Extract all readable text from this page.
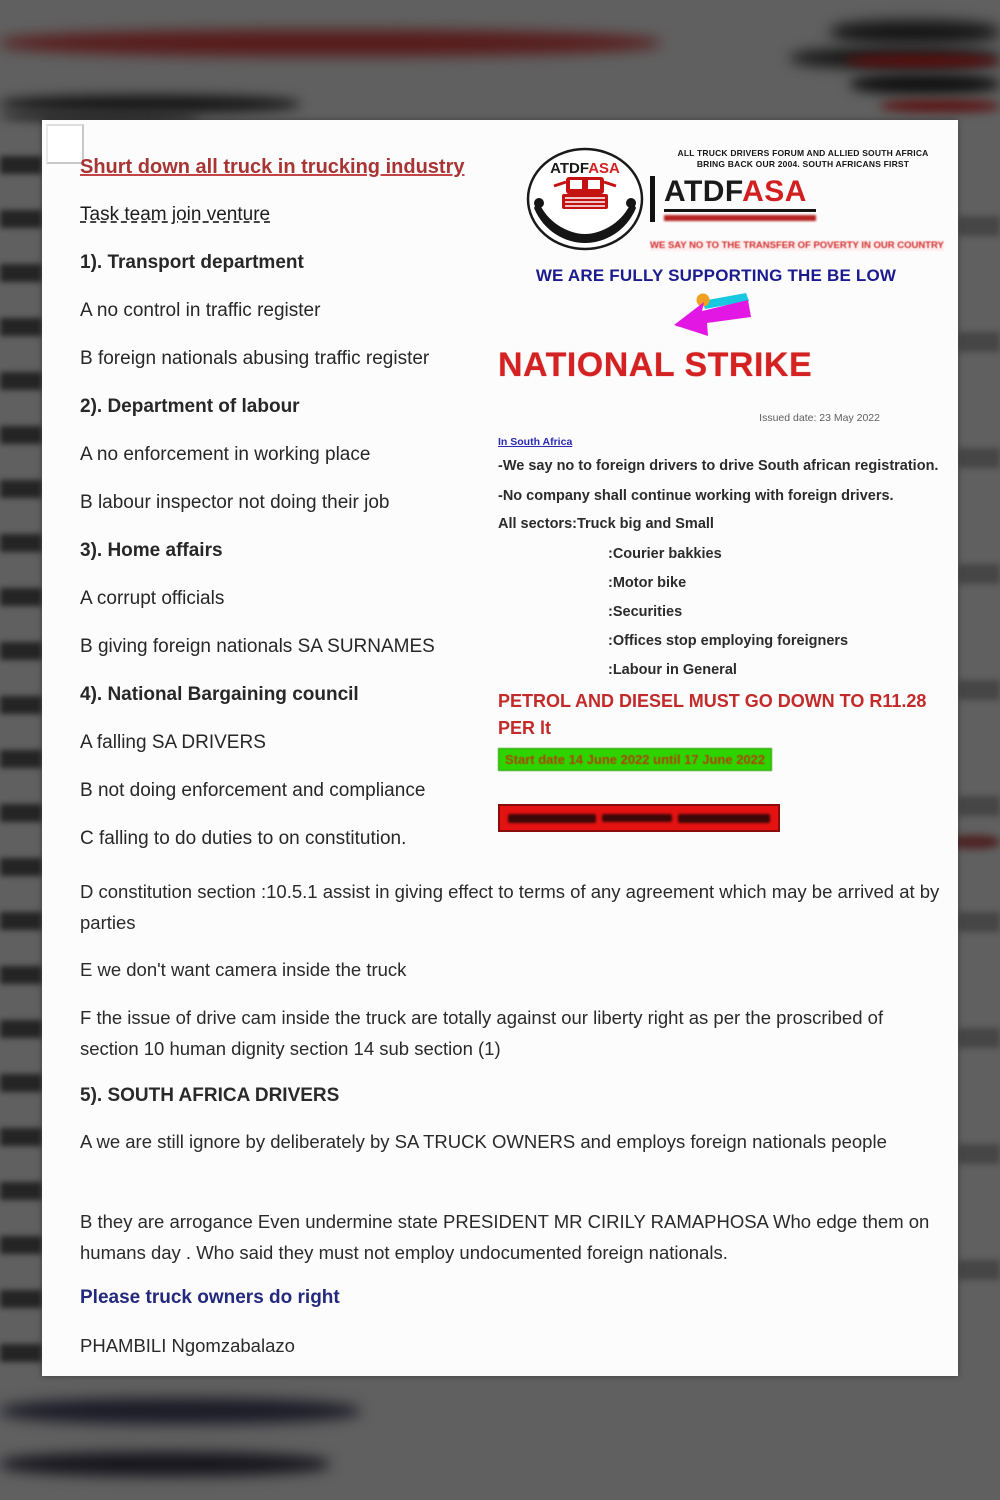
Shurt down all truck in trucking industry
Task team join venture
1). Transport department
A no control in traffic register
B foreign nationals abusing traffic register
2). Department of labour
A no enforcement in working place
B labour inspector not doing their job
3). Home affairs
A corrupt officials
B giving foreign nationals SA SURNAMES
4). National Bargaining council
A falling SA DRIVERS
B not doing enforcement and compliance
C falling to do duties to on constitution.
D constitution section :10.5.1 assist in giving effect to terms of any agreement which may be arrived at by parties
E we don't want camera inside the truck
F the issue of drive cam inside the truck are totally against our liberty right as per the proscribed of section 10 human dignity section 14 sub section (1)
5). SOUTH AFRICA DRIVERS
A we are still ignore by deliberately by SA TRUCK OWNERS and employs foreign nationals people
B they are arrogance Even undermine state PRESIDENT MR CIRILY RAMAPHOSA Who edge them on humans day . Who said they must not employ undocumented foreign nationals.
Please truck owners do right
PHAMBILI Ngomzabalazo
ATDFASA
ALL TRUCK DRIVERS FORUM AND ALLIED SOUTH AFRICA
BRING BACK OUR 2004. SOUTH AFRICANS FIRST
ATDFASA
WE SAY NO TO THE TRANSFER OF POVERTY IN OUR COUNTRY
WE ARE FULLY SUPPORTING THE BE LOW
NATIONAL STRIKE
Issued date: 23 May 2022
In South Africa
-We say no to foreign drivers to drive South african registration.
-No company shall continue working with foreign drivers.
All sectors:Truck big and Small
:Courier bakkies
:Motor bike
:Securities
:Offices stop employing foreigners
:Labour in General
PETROL AND DIESEL MUST GO DOWN TO R11.28 PER lt
Start date 14 June 2022 until 17 June 2022
